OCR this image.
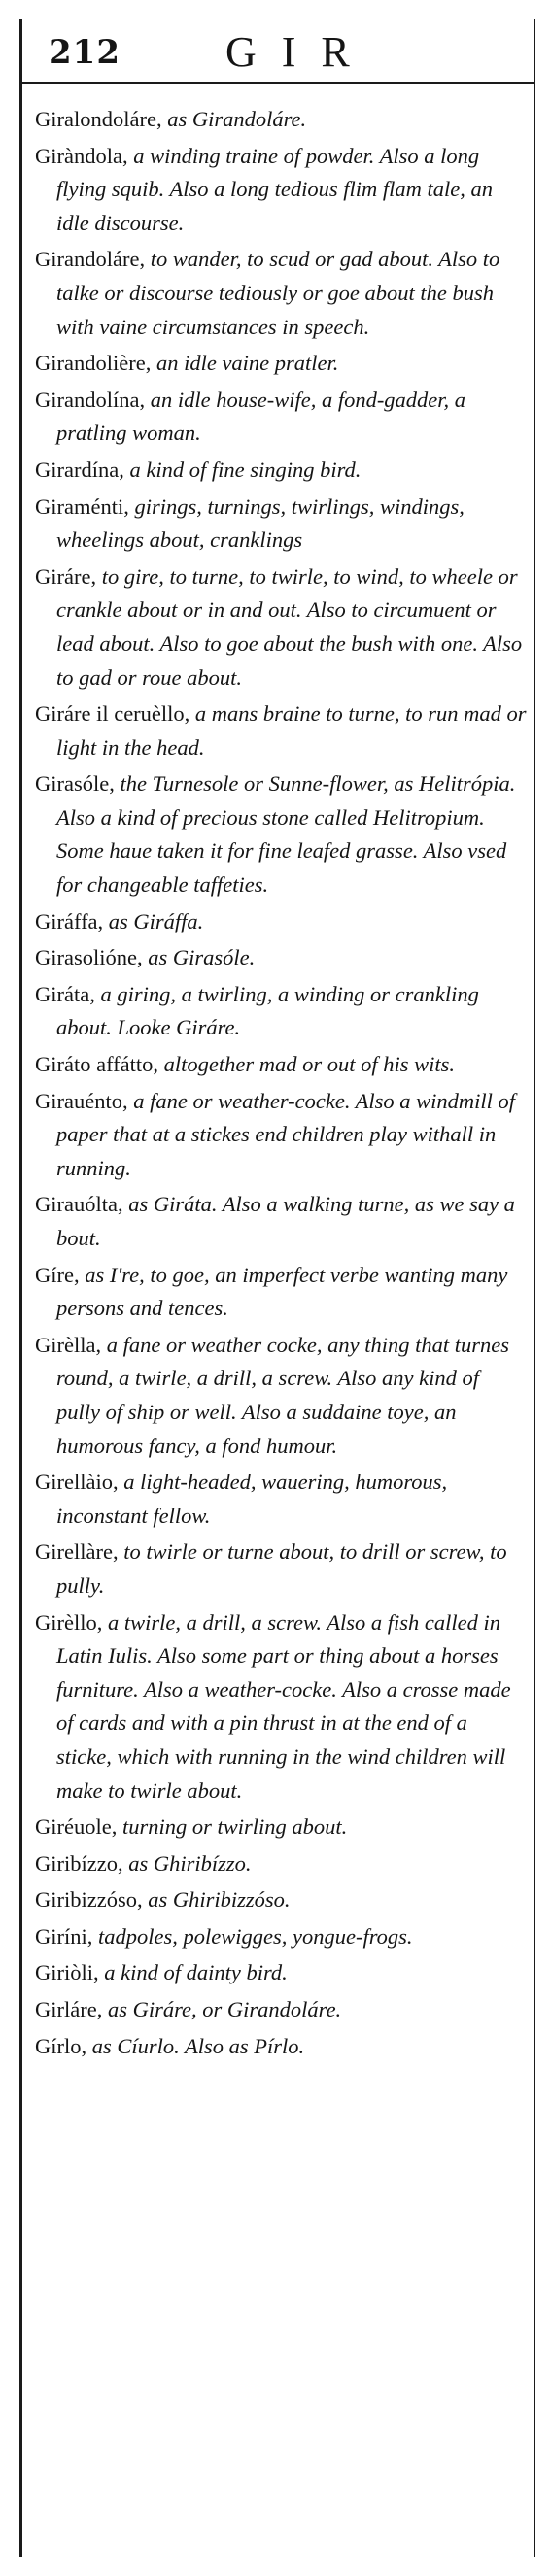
212 GIR

Giralondoláre, as Girandoláre.

Giràndola, a winding traine of powder. Also a long flying squib. Also a long tedious flim flam tale, an idle discourse.

Girandoláre, to wander, to scud or gad about. Also to talke or discourse tediously or goe about the bush with vaine circumstances in speech.

Girandolière, an idle vaine pratler.

Girandolína, an idle house-wife, a fond-gadder, a pratling woman.

Girardína, a kind of fine singing bird.

Giraménti, girings, turnings, twirlings, windings, wheelings about, cranklings

Giráre, to gire, to turne, to twirle, to wind, to wheele or crankle about or in and out. Also to circumuent or lead about. Also to goe about the bush with one. Also to gad or roue about.

Giráre il ceruèllo, a mans braine to turne, to run mad or light in the head.

Girasóle, the Turnesole or Sunne-flower, as Helitrópia. Also a kind of precious stone called Helitropium. Some haue taken it for fine leafed grasse. Also vsed for changeable taffeties.

Giráffa, as Giráffa.

Girasolióne, as Girasóle.

Giráta, a giring, a twirling, a winding or crankling about. Looke Giráre.

Giráto affátto, altogether mad or out of his wits.

Girauénto, a fane or weather-cocke. Also a windmill of paper that at a stickes end children play withall in running.

Girauólta, as Giráta. Also a walking turne, as we say a bout.

Gíre, as I're, to goe, an imperfect verbe wanting many persons and tences.

Girèlla, a fane or weather cocke, any thing that turnes round, a twirle, a drill, a screw. Also any kind of pully of ship or well. Also a suddaine toye, an humorous fancy, a fond humour.

Girellàio, a light-headed, wauering, humorous, inconstant fellow.

Girellàre, to twirle or turne about, to drill or screw, to pully.

Girèllo, a twirle, a drill, a screw. Also a fish called in Latin Iulis. Also some part or thing about a horses furniture. Also a weather-cocke. Also a crosse made of cards and with a pin thrust in at the end of a sticke, which with running in the wind children will make to twirle about.

Giréuole, turning or twirling about.

Giribízzo, as Ghiribízzo.

Giribizzóso, as Ghiribizzóso.

Giríni, tadpoles, polewigges, yongue-frogs.

Giriòli, a kind of dainty bird.

Girláre, as Giráre, or Girandoláre.

Gírlo, as Cíurlo. Also as Pírlo.
